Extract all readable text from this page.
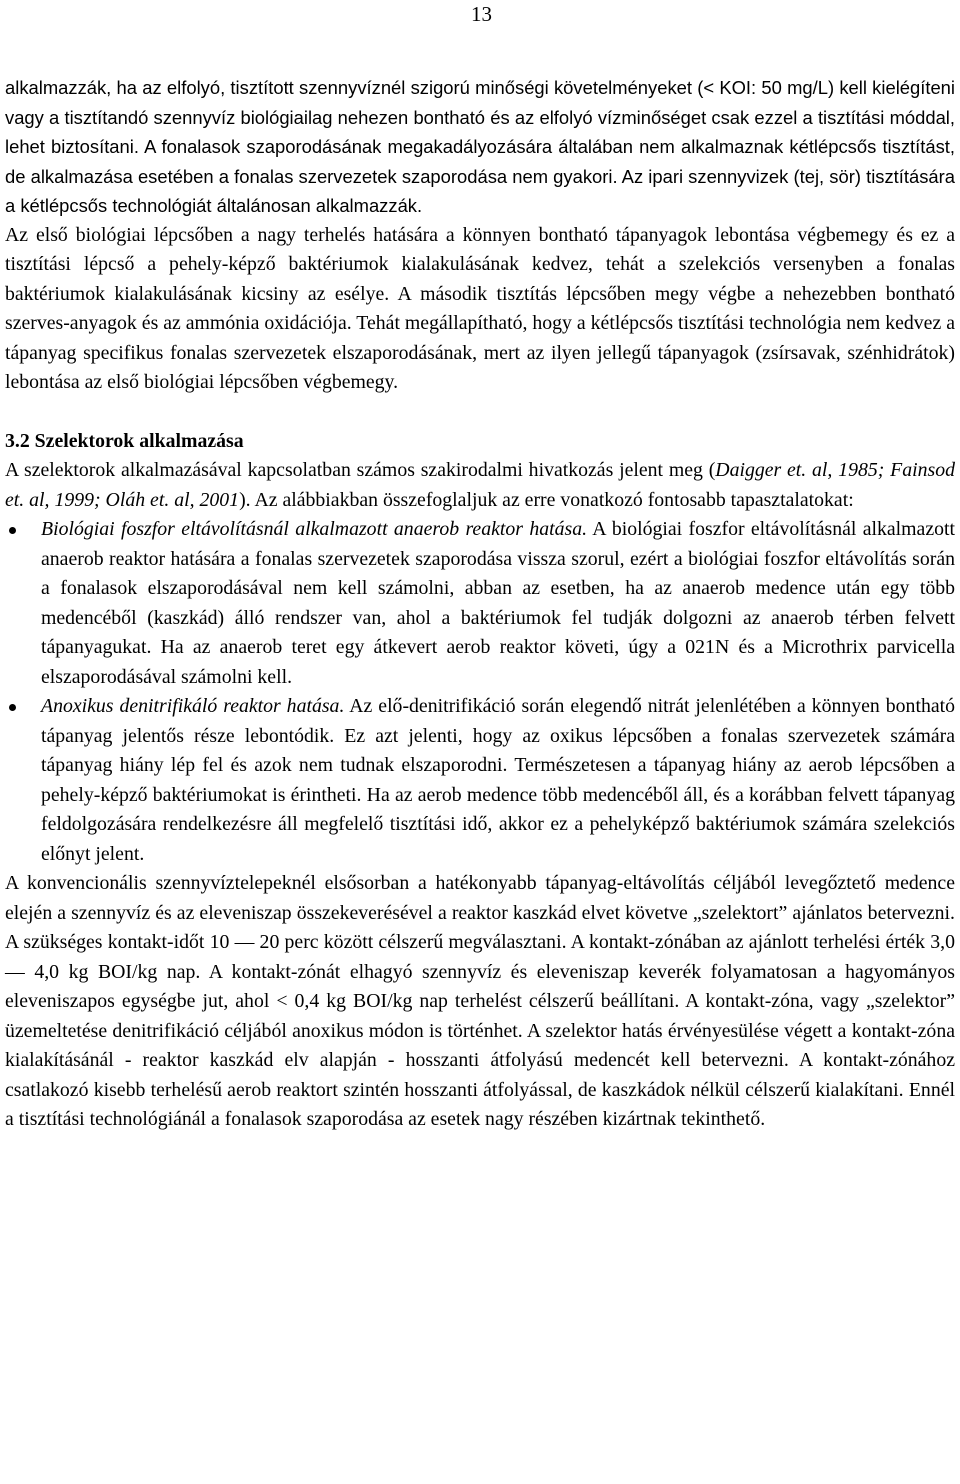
13

alkalmazzák, ha az elfolyó, tisztított szennyvíznél szigorú minőségi követelményeket (< KOI: 50 mg/L) kell kielégíteni vagy a tisztítandó szennyvíz biológiailag nehezen bontható és az elfolyó vízminőséget csak ezzel a tisztítási móddal, lehet biztosítani. A fonalasok szaporodásának megakadályozására általában nem alkalmaznak kétlépcsős tisztítást, de alkalmazása esetében a fonalas szervezetek szaporodása nem gyakori. Az ipari szennyvizek (tej, sör) tisztítására a kétlépcsős technológiát általánosan alkalmazzák.

Az első biológiai lépcsőben a nagy terhelés hatására a könnyen bontható tápanyagok lebontása végbemegy és ez a tisztítási lépcső a pehely-képző baktériumok kialakulásának kedvez, tehát a szelekciós versenyben a fonalas baktériumok kialakulásának kicsiny az esélye. A második tisztítás lépcsőben megy végbe a nehezebben bontható szerves-anyagok és az ammónia oxidációja. Tehát megállapítható, hogy a kétlépcsős tisztítási technológia nem kedvez a tápanyag specifikus fonalas szervezetek elszaporodásának, mert az ilyen jellegű tápanyagok (zsírsavak, szénhidrátok) lebontása az első biológiai lépcsőben végbemegy.

3.2 Szelektorok alkalmazása

A szelektorok alkalmazásával kapcsolatban számos szakirodalmi hivatkozás jelent meg (Daigger et. al, 1985; Fainsod et. al, 1999; Oláh et. al, 2001). Az alábbiakban összefoglaljuk az erre vonatkozó fontosabb tapasztalatokat:

Biológiai foszfor eltávolításnál alkalmazott anaerob reaktor hatása. A biológiai foszfor eltávolításnál alkalmazott anaerob reaktor hatására a fonalas szervezetek szaporodása vissza szorul, ezért a biológiai foszfor eltávolítás során a fonalasok elszaporodásával nem kell számolni, abban az esetben, ha az anaerob medence után egy több medencéből (kaszkád) álló rendszer van, ahol a baktériumok fel tudják dolgozni az anaerob térben felvett tápanyagukat. Ha az anaerob teret egy átkevert aerob reaktor követi, úgy a 021N és a Microthrix parvicella elszaporodásával számolni kell.
Anoxikus denitrifikáló reaktor hatása. Az elő-denitrifikáció során elegendő nitrát jelenlétében a könnyen bontható tápanyag jelentős része lebontódik. Ez azt jelenti, hogy az oxikus lépcsőben a fonalas szervezetek számára tápanyag hiány lép fel és azok nem tudnak elszaporodni. Természetesen a tápanyag hiány az aerob lépcsőben a pehely-képző baktériumokat is érintheti. Ha az aerob medence több medencéből áll, és a korábban felvett tápanyag feldolgozására rendelkezésre áll megfelelő tisztítási idő, akkor ez a pehelyképző baktériumok számára szelekciós előnyt jelent.

A konvencionális szennyvíztelepeknél elsősorban a hatékonyabb tápanyag-eltávolítás céljából levegőztető medence elején a szennyvíz és az eleveniszap összekeverésével a reaktor kaszkád elvet követve „szelektort” ajánlatos betervezni. A szükséges kontakt-időt 10 — 20 perc között célszerű megválasztani. A kontakt-zónában az ajánlott terhelési érték 3,0 — 4,0 kg BOI/kg nap. A kontakt-zónát elhagyó szennyvíz és eleveniszap keverék folyamatosan a hagyományos eleveniszapos egységbe jut, ahol < 0,4 kg BOI/kg nap terhelést célszerű beállítani. A kontakt-zóna, vagy „szelektor” üzemeltetése denitrifikáció céljából anoxikus módon is történhet. A szelektor hatás érvényesülése végett a kontakt-zóna kialakításánál - reaktor kaszkád elv alapján - hosszanti átfolyású medencét kell betervezni. A kontakt-zónához csatlakozó kisebb terhelésű aerob reaktort szintén hosszanti átfolyással, de kaszkádok nélkül célszerű kialakítani. Ennél a tisztítási technológiánál a fonalasok szaporodása az esetek nagy részében kizártnak tekinthető.
